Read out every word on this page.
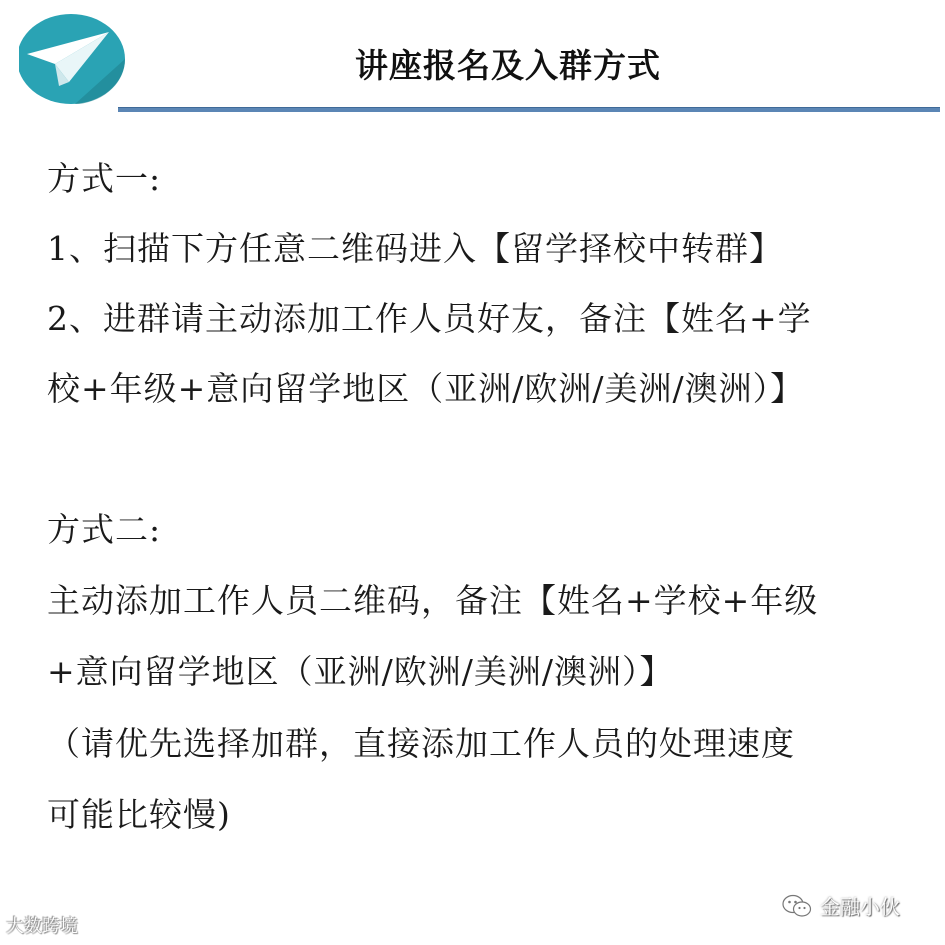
讲座报名及入群方式
方式一:
1、扫描下方任意二维码进入【留学择校中转群】
2、进群请主动添加工作人员好友，备注【姓名+学
校+年级+意向留学地区（亚洲/欧洲/美洲/澳洲）】
方式二:
主动添加工作人员二维码，备注【姓名+学校+年级
+意向留学地区（亚洲/欧洲/美洲/澳洲）】
（请优先选择加群，直接添加工作人员的处理速度
可能比较慢)
大数跨境
金融小伙
